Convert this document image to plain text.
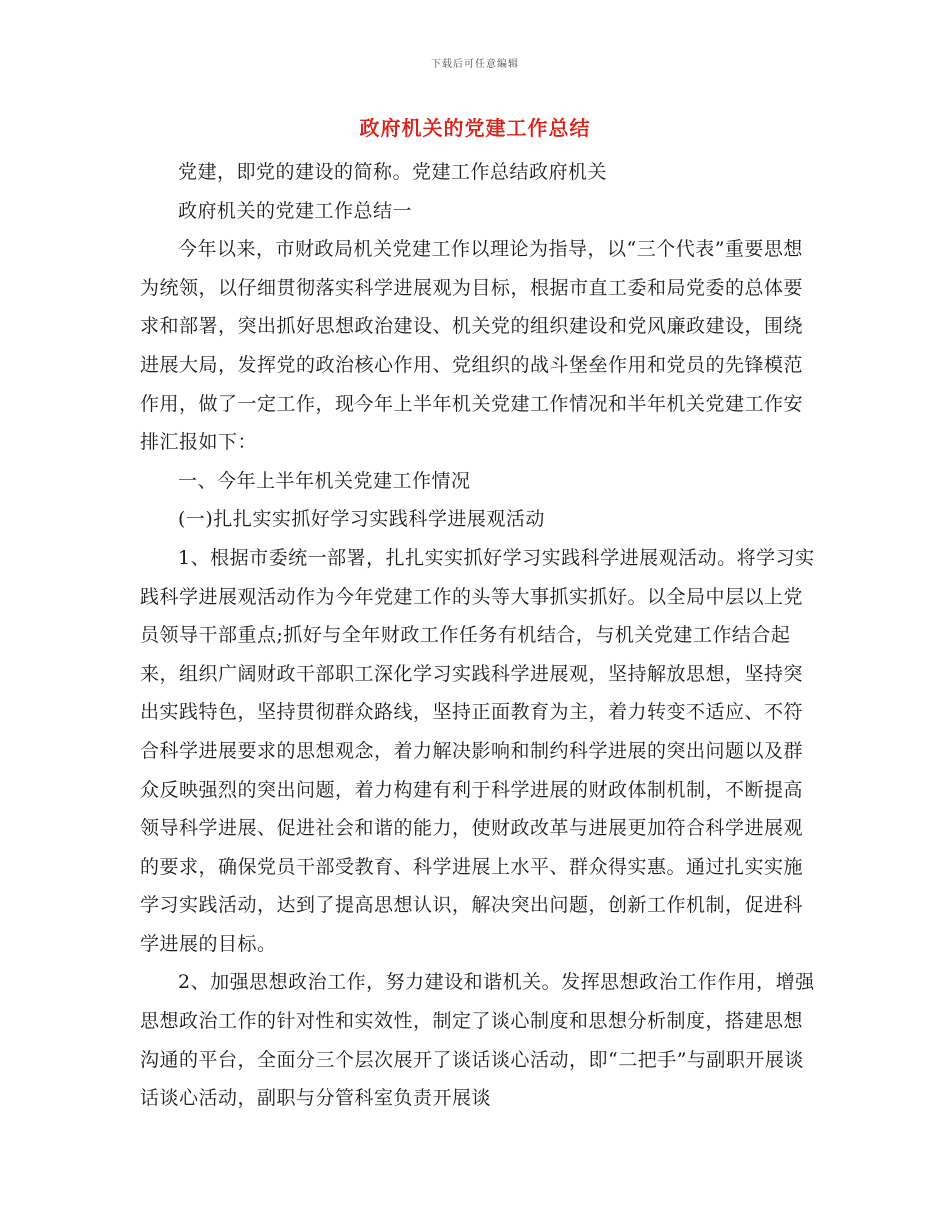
下载后可任意编辑
政府机关的党建工作总结

党建，即党的建设的简称。党建工作总结政府机关

政府机关的党建工作总结一

今年以来，市财政局机关党建工作以理论为指导，以“三个代表”重要思想为统领，以仔细贯彻落实科学进展观为目标，根据市直工委和局党委的总体要求和部署，突出抓好思想政治建设、机关党的组织建设和党风廉政建设，围绕进展大局，发挥党的政治核心作用、党组织的战斗堡垒作用和党员的先锋模范作用，做了一定工作，现今年上半年机关党建工作情况和半年机关党建工作安排汇报如下：

一、今年上半年机关党建工作情况

(一)扎扎实实抓好学习实践科学进展观活动

1、根据市委统一部署，扎扎实实抓好学习实践科学进展观活动。将学习实践科学进展观活动作为今年党建工作的头等大事抓实抓好。以全局中层以上党员领导干部重点;抓好与全年财政工作任务有机结合，与机关党建工作结合起来，组织广阔财政干部职工深化学习实践科学进展观，坚持解放思想，坚持突出实践特色，坚持贯彻群众路线，坚持正面教育为主，着力转变不适应、不符合科学进展要求的思想观念，着力解决影响和制约科学进展的突出问题以及群众反映强烈的突出问题，着力构建有利于科学进展的财政体制机制，不断提高领导科学进展、促进社会和谐的能力，使财政改革与进展更加符合科学进展观的要求，确保党员干部受教育、科学进展上水平、群众得实惠。通过扎实实施学习实践活动，达到了提高思想认识，解决突出问题，创新工作机制，促进科学进展的目标。

2、加强思想政治工作，努力建设和谐机关。发挥思想政治工作作用，增强思想政治工作的针对性和实效性，制定了谈心制度和思想分析制度，搭建思想沟通的平台，全面分三个层次展开了谈话谈心活动，即“二把手”与副职开展谈话谈心活动，副职与分管科室负责开展谈
